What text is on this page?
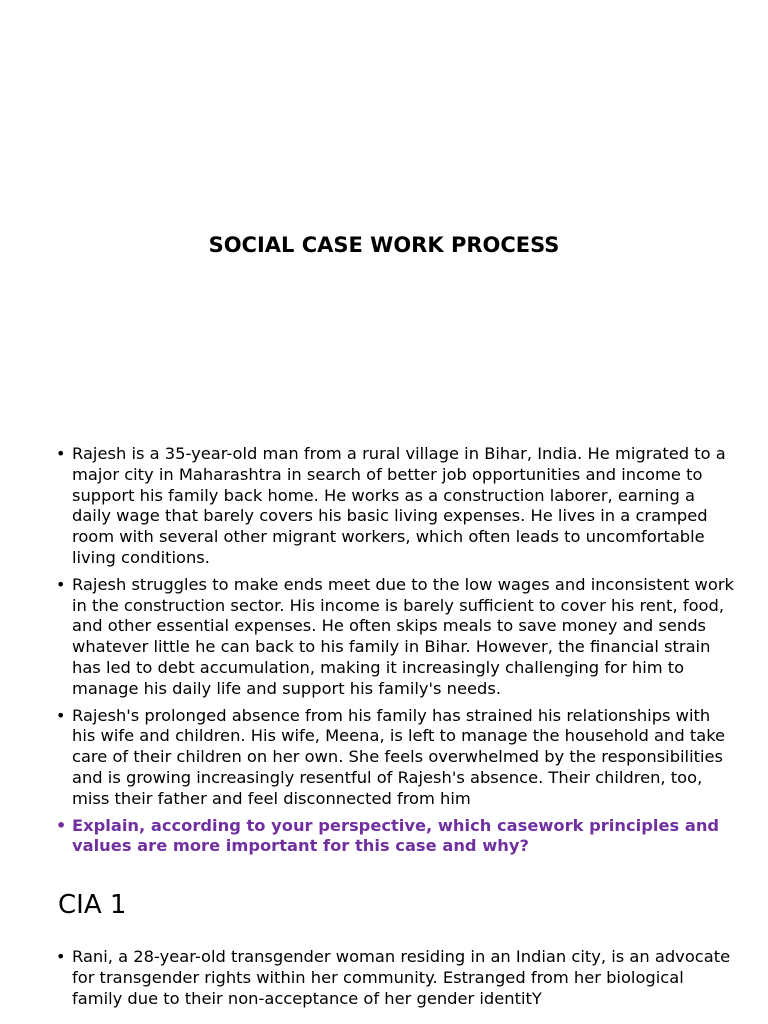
SOCIAL CASE WORK PROCESS
• Rajesh is a 35-year-old man from a rural village in Bihar, India. He migrated to a major city in Maharashtra in search of better job opportunities and income to support his family back home. He works as a construction laborer, earning a daily wage that barely covers his basic living expenses. He lives in a cramped room with several other migrant workers, which often leads to uncomfortable living conditions.
• Rajesh struggles to make ends meet due to the low wages and inconsistent work in the construction sector. His income is barely sufficient to cover his rent, food, and other essential expenses. He often skips meals to save money and sends whatever little he can back to his family in Bihar. However, the financial strain has led to debt accumulation, making it increasingly challenging for him to manage his daily life and support his family's needs.
• Rajesh's prolonged absence from his family has strained his relationships with his wife and children. His wife, Meena, is left to manage the household and take care of their children on her own. She feels overwhelmed by the responsibilities and is growing increasingly resentful of Rajesh's absence. Their children, too, miss their father and feel disconnected from him
• Explain, according to your perspective, which casework principles and values are more important for this case and why?
CIA 1
• Rani, a 28-year-old transgender woman residing in an Indian city, is an advocate for transgender rights within her community. Estranged from her biological family due to their non-acceptance of her gender identitY
